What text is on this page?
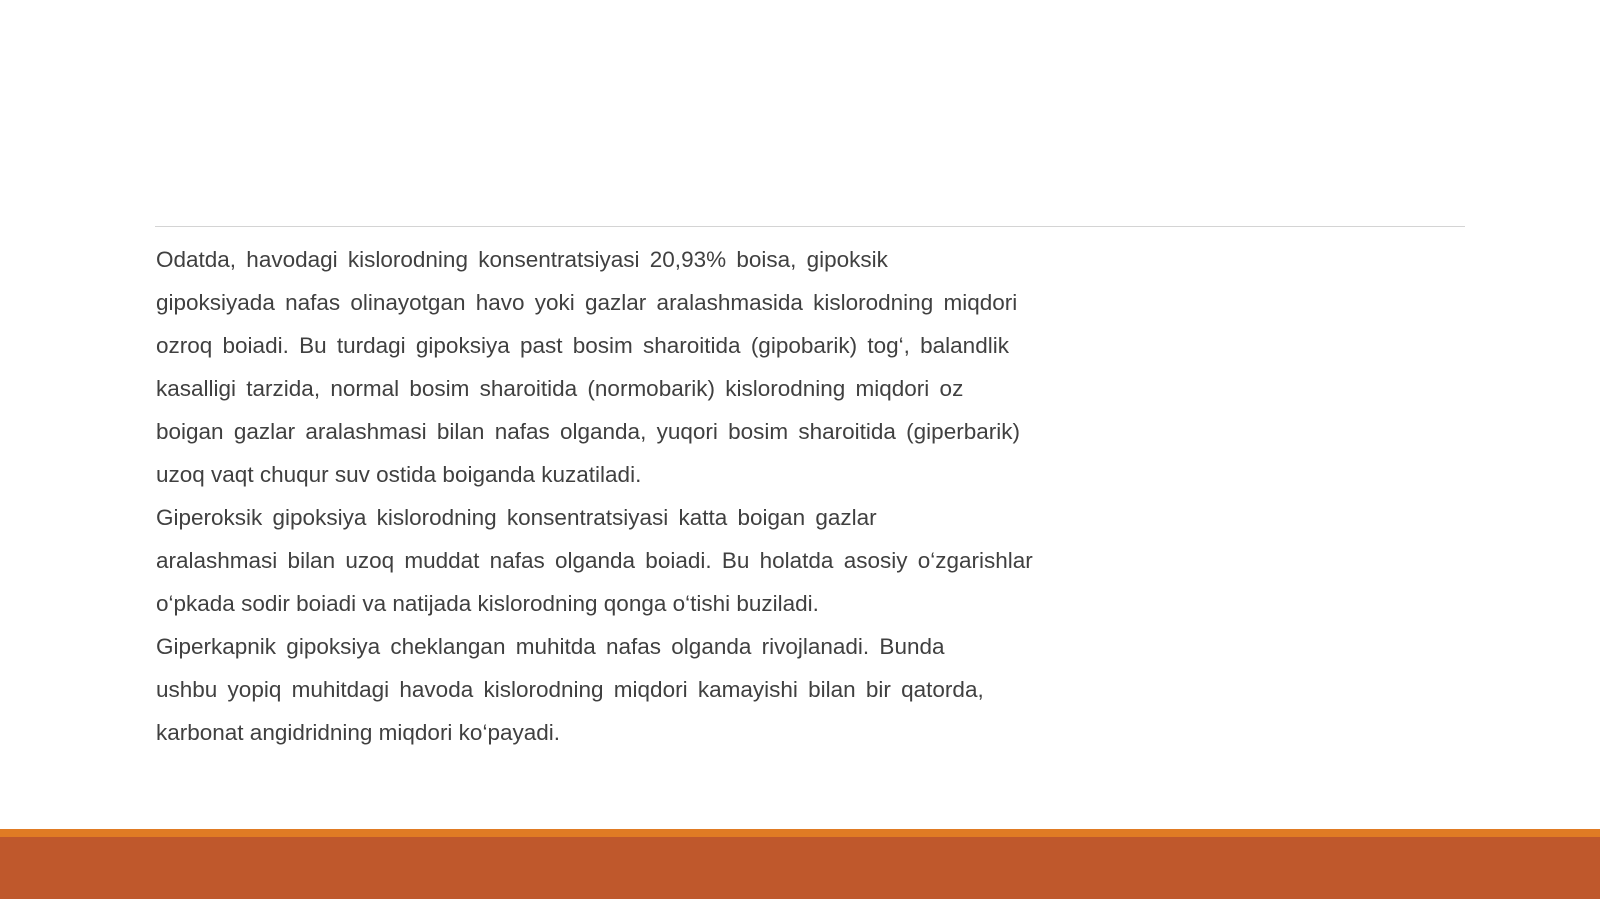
Odatda, havodagi kislorodning konsentratsiyasi 20,93% boisa, gipoksik
gipoksiyada nafas olinayotgan havo yoki gazlar aralashmasida kislorodning miqdori
ozroq boiadi. Bu turdagi gipoksiya past bosim sharoitida (gipobarik) tog‘, balandlik
kasalligi tarzida, normal bosim sharoitida (normobarik) kislorodning miqdori oz
boigan gazlar aralashmasi bilan nafas olganda, yuqori bosim sharoitida (giperbarik)
uzoq vaqt chuqur suv ostida boiganda kuzatiladi.
Giperoksik gipoksiya kislorodning konsentratsiyasi katta boigan gazlar
aralashmasi bilan uzoq muddat nafas olganda boiadi. Bu holatda asosiy o‘zgarishlar
o‘pkada sodir boiadi va natijada kislorodning qonga o‘tishi buziladi.
Giperkapnik gipoksiya cheklangan muhitda nafas olganda rivojlanadi. Bunda
ushbu yopiq muhitdagi havoda kislorodning miqdori kamayishi bilan bir qatorda,
karbonat angidridning miqdori ko‘payadi.
